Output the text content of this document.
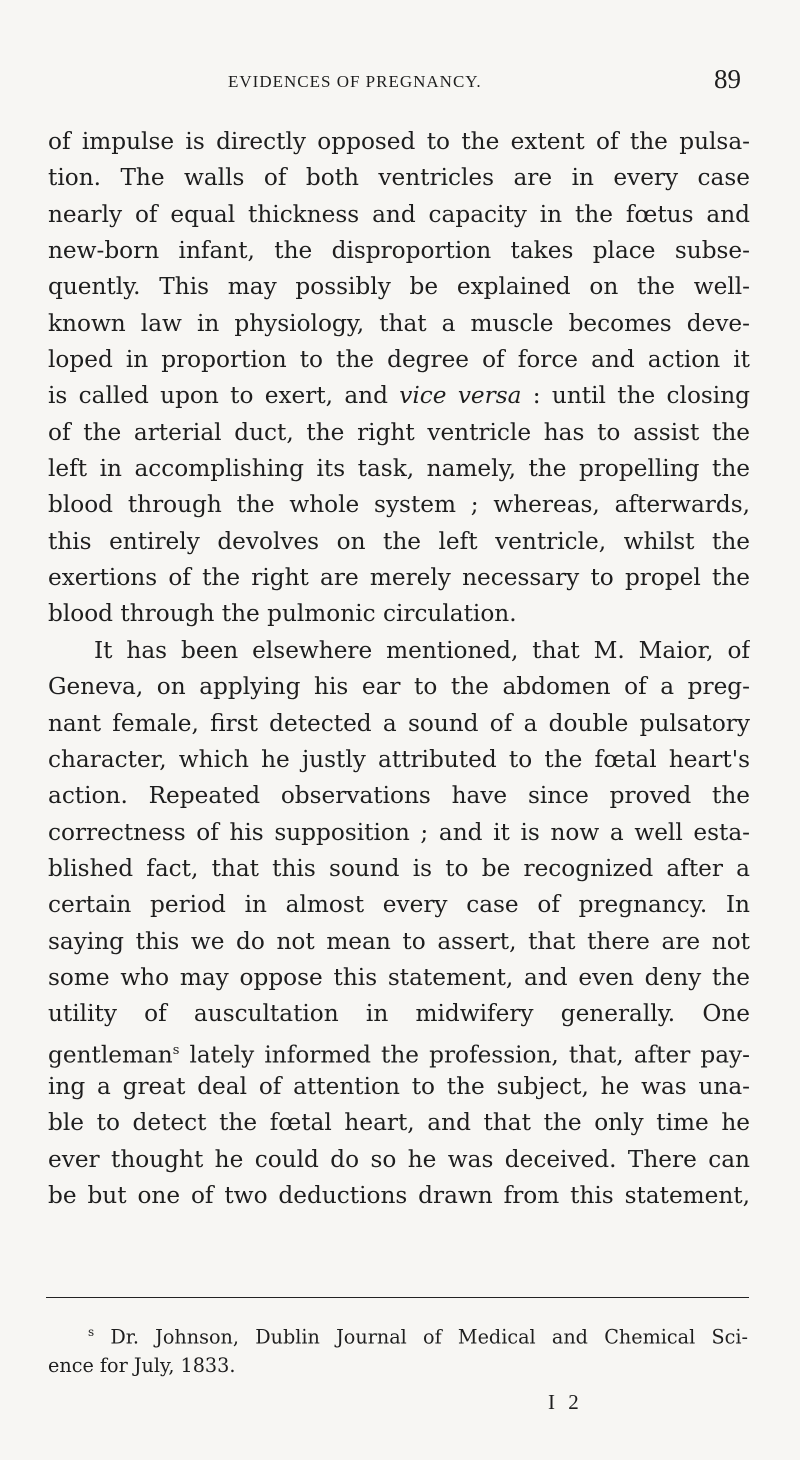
EVIDENCES OF PREGNANCY.	89
of impulse is directly opposed to the extent of the pulsa-
tion. The walls of both ventricles are in every case
nearly of equal thickness and capacity in the fœtus and
new-born infant, the disproportion takes place subse-
quently. This may possibly be explained on the well-
known law in physiology, that a muscle becomes deve-
loped in proportion to the degree of force and action it
is called upon to exert, and vice versa : until the closing
of the arterial duct, the right ventricle has to assist the
left in accomplishing its task, namely, the propelling the
blood through the whole system ; whereas, afterwards,
this entirely devolves on the left ventricle, whilst the
exertions of the right are merely necessary to propel the
blood through the pulmonic circulation.
It has been elsewhere mentioned, that M. Maior, of
Geneva, on applying his ear to the abdomen of a preg-
nant female, first detected a sound of a double pulsatory
character, which he justly attributed to the fœtal heart's
action. Repeated observations have since proved the
correctness of his supposition ; and it is now a well esta-
blished fact, that this sound is to be recognized after a
certain period in almost every case of pregnancy. In
saying this we do not mean to assert, that there are not
some who may oppose this statement, and even deny the
utility of auscultation in midwifery generally. One
gentleman$^s$ lately informed the profession, that, after pay-
ing a great deal of attention to the subject, he was una-
ble to detect the fœtal heart, and that the only time he
ever thought he could do so he was deceived. There can
be but one of two deductions drawn from this statement,
$^s$ Dr. Johnson, Dublin Journal of Medical and Chemical Sci-
ence for July, 1833.
I 2
